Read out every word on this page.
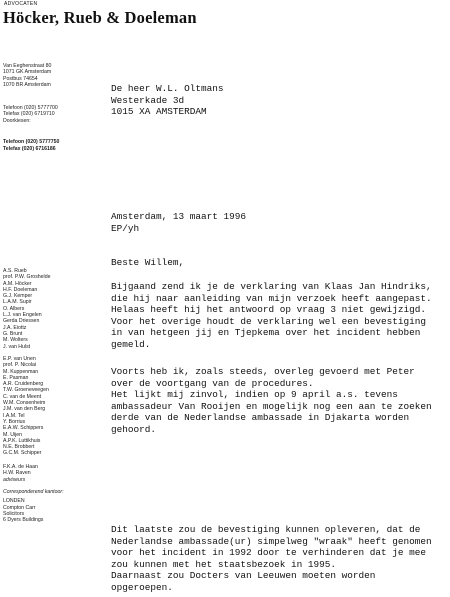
ADVOCATEN
Höcker, Rueb & Doeleman
Van Eeghenstraat 80
1071 GK Amsterdam
Postbus 74654
1070 BR Amsterdam
Telefoon (020) 5777700
Telefax (020) 6719710
Doorkiesen:
Telefoon (020) 5777750
Telefax (020) 6716186
A.S. Rueb
prof. P.W. Groshelde
A.M. Höcker
H.F. Doeleman
G.J. Kemper
L.A.M. Supir
O. Albers
L.J. van Engelen
Gerda Driessen
J.A. Eiottz
G. Brunt
M. Wolters
J. van Hulst
E.P. van Unen
prof. P. Nicolai
M. Kuppenman
E. Pasman
A.R. Cruidenberg
T.W. Groeneveegen
C. van de Meent
W.M. Consenheim
J.M. van den Berg
I.A.M. Tel
Y. Borrius
E.A.W. Schippers
M. Uijen
A.P.K. Luttikhuis
N.E. Brobbert
G.C.M. Schipper
F.K.A. de Haan
H.W. Raven
adviseurs
Corresponderend kantoor:
LONDEN
Compton Carr
Solicitors
6 Dyers Buildings
De heer W.L. Oltmans
Westerkade 3d
1015 XA AMSTERDAM
Amsterdam, 13 maart 1996
EP/yh
Beste Willem,
Bijgaand zend ik je de verklaring van Klaas Jan Hindriks,
die hij naar aanleiding van mijn verzoek heeft aangepast.
Helaas heeft hij het antwoord op vraag 3 niet gewijzigd.
Voor het overige houdt de verklaring wel een bevestiging
in van hetgeen jij en Tjepkema over het incident hebben
gemeld.
Voorts heb ik, zoals steeds, overleg gevoerd met Peter
over de voortgang van de procedures.
Het lijkt mij zinvol, indien op 9 april a.s. tevens
ambassadeur Van Rooijen en mogelijk nog een aan te zoeken
derde van de Nederlandse ambassade in Djakarta worden
gehoord.
Dit laatste zou de bevestiging kunnen opleveren, dat de
Nederlandse ambassade(ur) simpelweg "wraak" heeft genomen
voor het incident in 1992 door te verhinderen dat je mee
zou kunnen met het staatsbezoek in 1995.
Daarnaast zou Docters van Leeuwen moeten worden
opgeroepen.
